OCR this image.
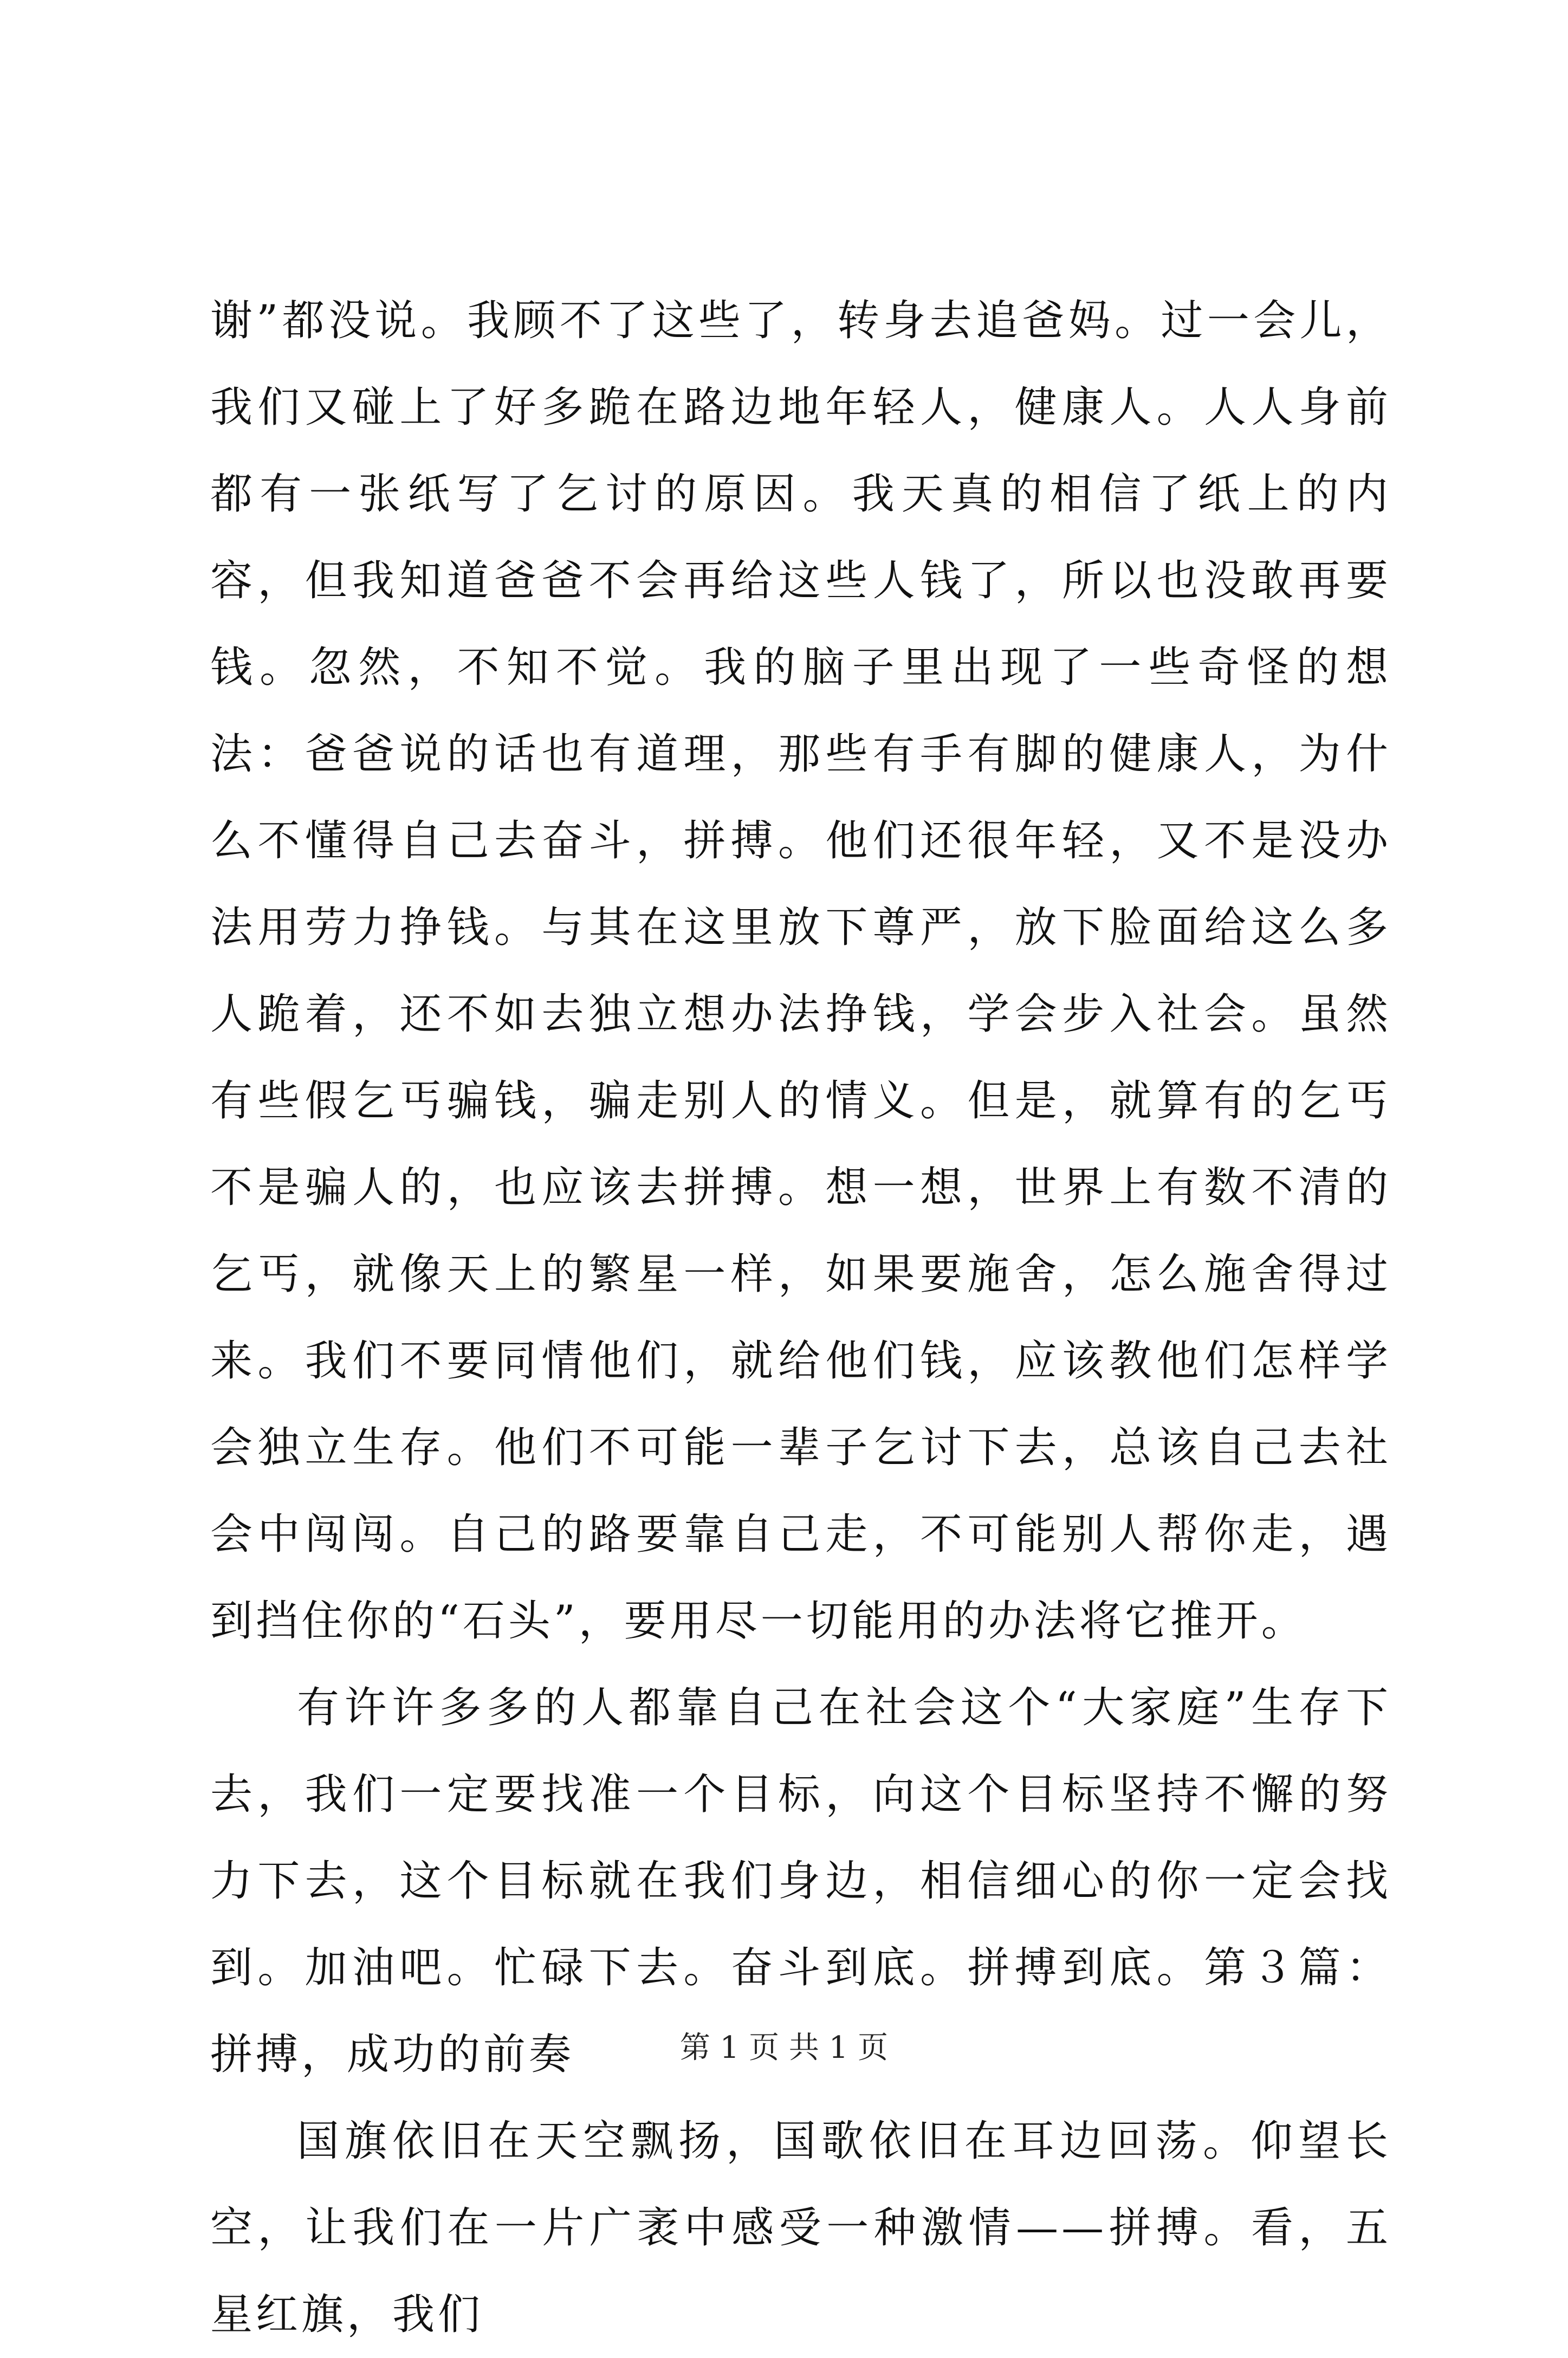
谢”都没说。我顾不了这些了，转身去追爸妈。过一会儿，我们又碰上了好多跪在路边地年轻人，健康人。人人身前都有一张纸写了乞讨的原因。我天真的相信了纸上的内容，但我知道爸爸不会再给这些人钱了，所以也没敢再要钱。忽然，不知不觉。我的脑子里出现了一些奇怪的想法：爸爸说的话也有道理，那些有手有脚的健康人，为什么不懂得自己去奋斗，拼搏。他们还很年轻，又不是没办法用劳力挣钱。与其在这里放下尊严，放下脸面给这么多人跪着，还不如去独立想办法挣钱，学会步入社会。虽然有些假乞丐骗钱，骗走别人的情义。但是，就算有的乞丐不是骗人的，也应该去拼搏。想一想，世界上有数不清的乞丐，就像天上的繁星一样，如果要施舍，怎么施舍得过来。我们不要同情他们，就给他们钱，应该教他们怎样学会独立生存。他们不可能一辈子乞讨下去，总该自己去社会中闯闯。自己的路要靠自己走，不可能别人帮你走，遇到挡住你的“石头”，要用尽一切能用的办法将它推开。

有许许多多的人都靠自己在社会这个“大家庭”生存下去，我们一定要找准一个目标，向这个目标坚持不懈的努力下去，这个目标就在我们身边，相信细心的你一定会找到。加油吧。忙碌下去。奋斗到底。拼搏到底。第３篇：拼搏，成功的前奏

国旗依旧在天空飘扬，国歌依旧在耳边回荡。仰望长空，让我们在一片广袤中感受一种激情——拼搏。看，五星红旗，我们

第 1 页 共 1 页
